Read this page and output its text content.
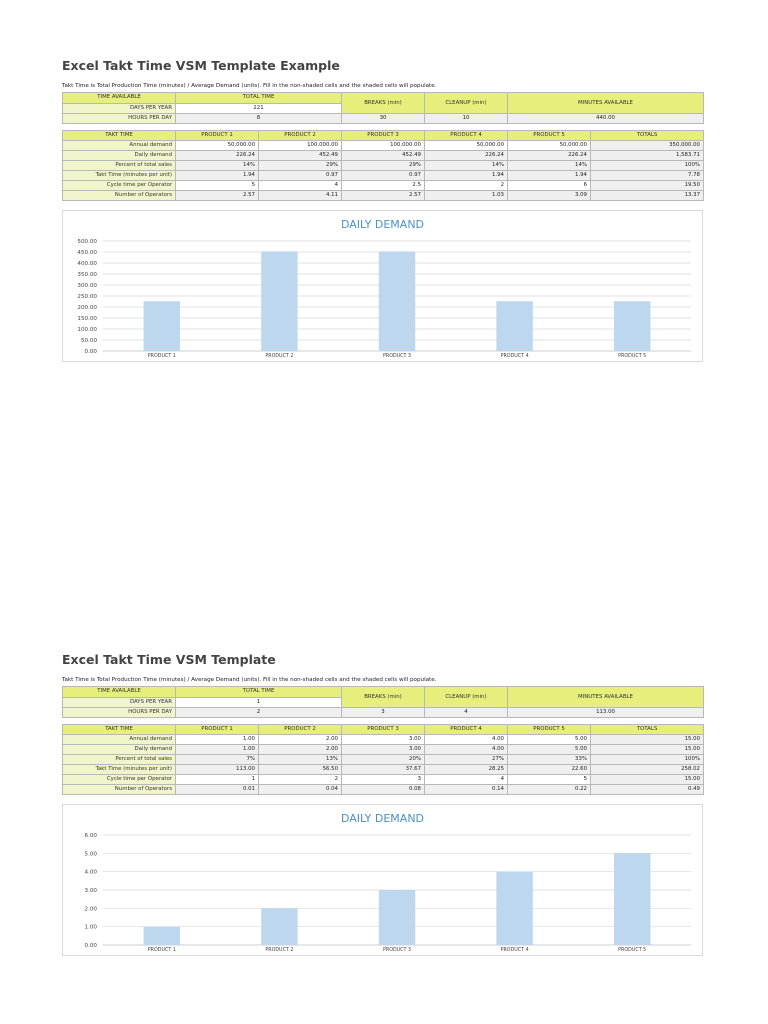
Excel Takt Time VSM Template Example
Takt Time is Total Production Time (minutes) / Average Demand (units). Fill in the non-shaded cells and the shaded cells will populate.
TIME AVAILABLE	TOTAL TIME	BREAKS (min)	CLEANUP (min)	MINUTES AVAILABLE
DAYS PER YEAR	221			
HOURS PER DAY	8	30	10	440.00
TAKT TIME	PRODUCT 1	PRODUCT 2	PRODUCT 3	PRODUCT 4	PRODUCT 5	TOTALS
Annual demand	50,000.00	100,000.00	100,000.00	50,000.00	50,000.00	350,000.00
Daily demand	226.24	452.49	452.49	226.24	226.24	1,583.71
Percent of total sales	14%	29%	29%	14%	14%	100%
Takt Time (minutes per unit)	1.94	0.97	0.97	1.94	1.94	7.78
Cycle time per Operator	5	4	2.5	2	6	19.50
Number of Operators	2.57	4.11	2.57	1.03	3.09	13.37
DAILY DEMAND
0.00
50.00
100.00
150.00
200.00
250.00
300.00
350.00
400.00
450.00
500.00
PRODUCT 1	PRODUCT 2	PRODUCT 3	PRODUCT 4	PRODUCT 5
Excel Takt Time VSM Template
Takt Time is Total Production Time (minutes) / Average Demand (units). Fill in the non-shaded cells and the shaded cells will populate.
TIME AVAILABLE	TOTAL TIME	BREAKS (min)	CLEANUP (min)	MINUTES AVAILABLE
DAYS PER YEAR	1			
HOURS PER DAY	2	3	4	113.00
TAKT TIME	PRODUCT 1	PRODUCT 2	PRODUCT 3	PRODUCT 4	PRODUCT 5	TOTALS
Annual demand	1.00	2.00	3.00	4.00	5.00	15.00
Daily demand	1.00	2.00	3.00	4.00	5.00	15.00
Percent of total sales	7%	13%	20%	27%	33%	100%
Takt Time (minutes per unit)	113.00	56.50	37.67	28.25	22.60	258.02
Cycle time per Operator	1	2	3	4	5	15.00
Number of Operators	0.01	0.04	0.08	0.14	0.22	0.49
DAILY DEMAND
0.00
1.00
2.00
3.00
4.00
5.00
6.00
PRODUCT 1	PRODUCT 2	PRODUCT 3	PRODUCT 4	PRODUCT 5
